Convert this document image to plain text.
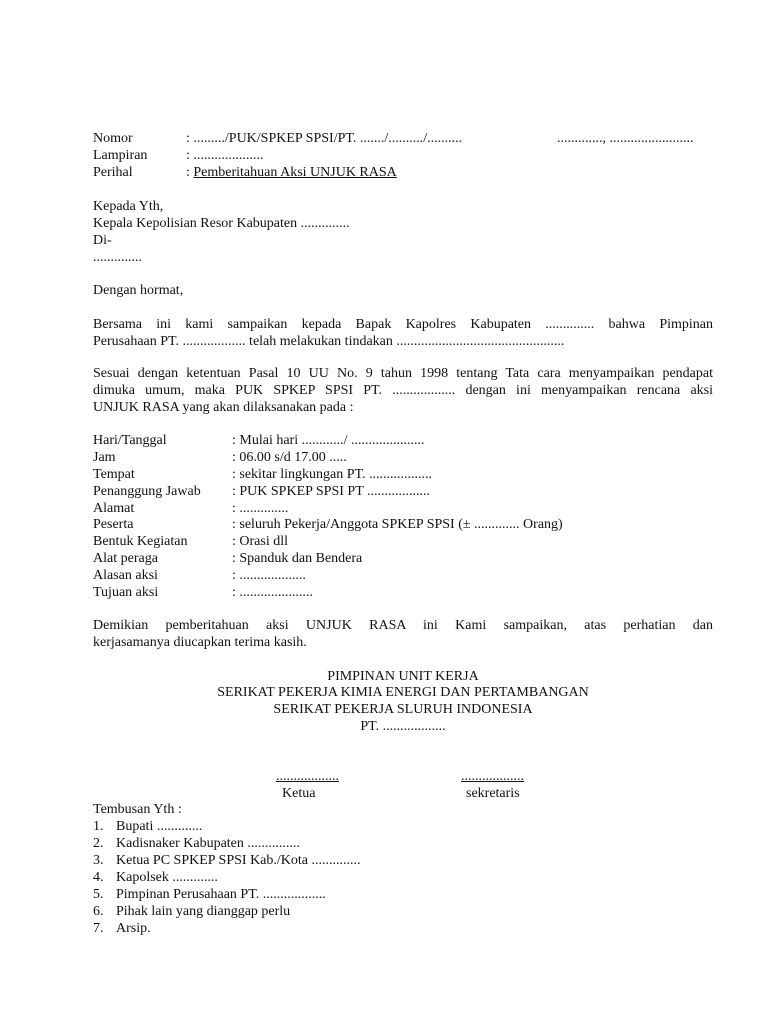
Nomor	: ........./PUK/SPKEP SPSI/PT. ......./........../..........	............., ........................
Lampiran	: ....................
Perihal	: Pemberitahuan Aksi UNJUK RASA
Kepada Yth,
Kepala Kepolisian Resor Kabupaten ..............
Di-
..............
Dengan hormat,
Bersama ini kami sampaikan kepada Bapak Kapolres Kabupaten .............. bahwa Pimpinan
Perusahaan PT. .................. telah melakukan tindakan ................................................
Sesuai dengan ketentuan Pasal 10 UU No. 9 tahun 1998 tentang Tata cara menyampaikan pendapat
dimuka umum, maka PUK SPKEP SPSI PT. .................. dengan ini menyampaikan rencana aksi
UNJUK RASA yang akan dilaksanakan pada :
Hari/Tanggal	: Mulai hari ............/ .....................
Jam	: 06.00 s/d 17.00 .....
Tempat	: sekitar lingkungan PT. ..................
Penanggung Jawab : PUK SPKEP SPSI PT ..................
Alamat	: ..............
Peserta	: seluruh Pekerja/Anggota SPKEP SPSI (± ............. Orang)
Bentuk Kegiatan	: Orasi dll
Alat peraga	: Spanduk dan Bendera
Alasan aksi	: ...................
Tujuan aksi	: .....................
Demikian pemberitahuan aksi UNJUK RASA ini Kami sampaikan, atas perhatian dan
kerjasamanya diucapkan terima kasih.
PIMPINAN UNIT KERJA
SERIKAT PEKERJA KIMIA ENERGI DAN PERTAMBANGAN
SERIKAT PEKERJA SLURUH INDONESIA
PT. ..................
..................
Ketua
..................
sekretaris
Tembusan Yth :
1. Bupati .............
2. Kadisnaker Kabupaten ...............
3. Ketua PC SPKEP SPSI Kab./Kota ..............
4. Kapolsek .............
5. Pimpinan Perusahaan PT. ..................
6. Pihak lain yang dianggap perlu
7. Arsip.
